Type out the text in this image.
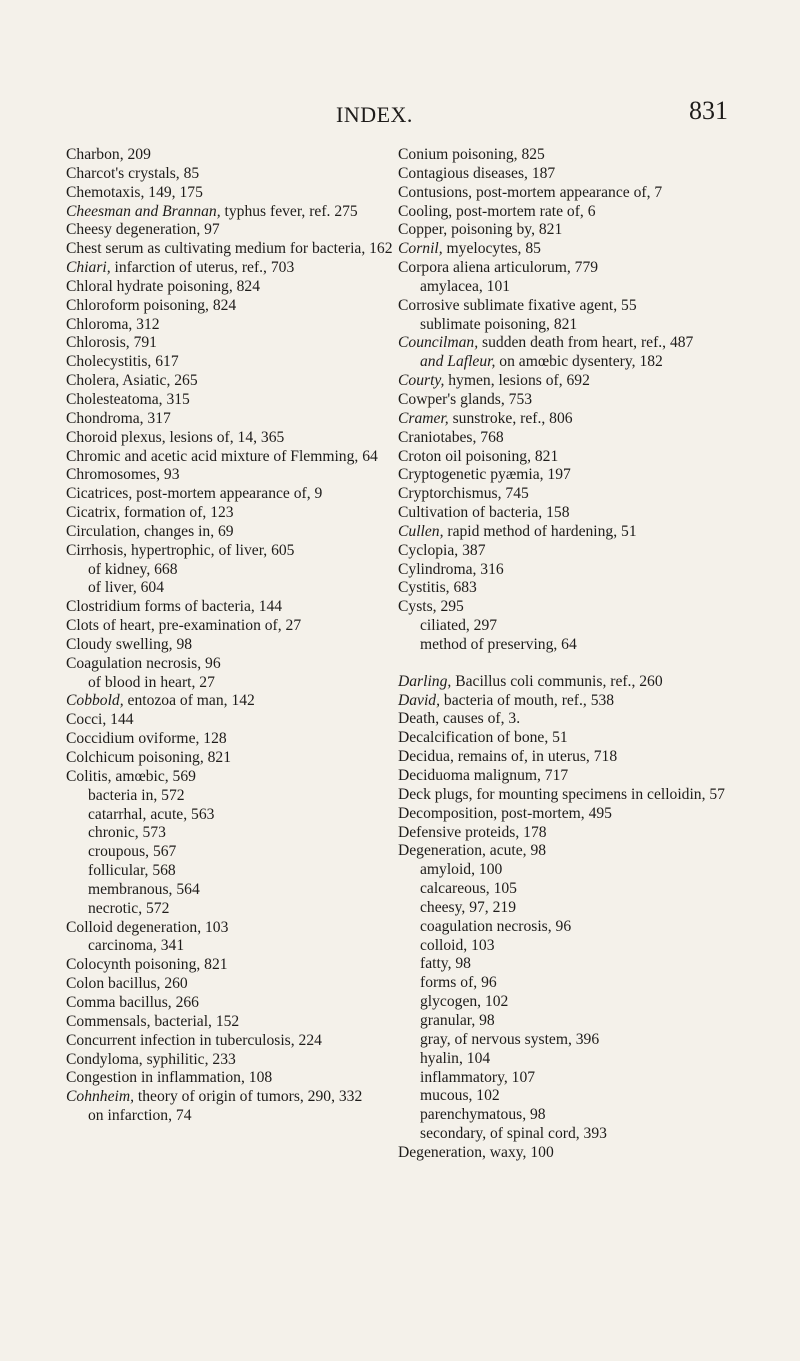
INDEX.	831
Charbon, 209
Charcot's crystals, 85
Chemotaxis, 149, 175
Cheesman and Brannan, typhus fever, ref. 275
Cheesy degeneration, 97
Chest serum as cultivating medium for bacteria, 162
Chiari, infarction of uterus, ref., 703
Chloral hydrate poisoning, 824
Chloroform poisoning, 824
Chloroma, 312
Chlorosis, 791
Cholecystitis, 617
Cholera, Asiatic, 265
Cholesteatoma, 315
Chondroma, 317
Choroid plexus, lesions of, 14, 365
Chromic and acetic acid mixture of Flemming, 64
Chromosomes, 93
Cicatrices, post-mortem appearance of, 9
Cicatrix, formation of, 123
Circulation, changes in, 69
Cirrhosis, hypertrophic, of liver, 605
of kidney, 668
of liver, 604
Clostridium forms of bacteria, 144
Clots of heart, pre-examination of, 27
Cloudy swelling, 98
Coagulation necrosis, 96
of blood in heart, 27
Cobbold, entozoa of man, 142
Cocci, 144
Coccidium oviforme, 128
Colchicum poisoning, 821
Colitis, amœbic, 569
bacteria in, 572
catarrhal, acute, 563
chronic, 573
croupous, 567
follicular, 568
membranous, 564
necrotic, 572
Colloid degeneration, 103
carcinoma, 341
Colocynth poisoning, 821
Colon bacillus, 260
Comma bacillus, 266
Commensals, bacterial, 152
Concurrent infection in tuberculosis, 224
Condyloma, syphilitic, 233
Congestion in inflammation, 108
Cohnheim, theory of origin of tumors, 290, 332
on infarction, 74
Conium poisoning, 825
Contagious diseases, 187
Contusions, post-mortem appearance of, 7
Cooling, post-mortem rate of, 6
Copper, poisoning by, 821
Cornil, myelocytes, 85
Corpora aliena articulorum, 779
amylacea, 101
Corrosive sublimate fixative agent, 55
sublimate poisoning, 821
Councilman, sudden death from heart, ref., 487
and Lafleur, on amœbic dysentery, 182
Courty, hymen, lesions of, 692
Cowper's glands, 753
Cramer, sunstroke, ref., 806
Craniotabes, 768
Croton oil poisoning, 821
Cryptogenetic pyæmia, 197
Cryptorchismus, 745
Cultivation of bacteria, 158
Cullen, rapid method of hardening, 51
Cyclopia, 387
Cylindroma, 316
Cystitis, 683
Cysts, 295
ciliated, 297
method of preserving, 64
Darling, Bacillus coli communis, ref., 260
David, bacteria of mouth, ref., 538
Death, causes of, 3.
Decalcification of bone, 51
Decidua, remains of, in uterus, 718
Deciduoma malignum, 717
Deck plugs, for mounting specimens in celloidin, 57
Decomposition, post-mortem, 495
Defensive proteids, 178
Degeneration, acute, 98
amyloid, 100
calcareous, 105
cheesy, 97, 219
coagulation necrosis, 96
colloid, 103
fatty, 98
forms of, 96
glycogen, 102
granular, 98
gray, of nervous system, 396
hyalin, 104
inflammatory, 107
mucous, 102
parenchymatous, 98
secondary, of spinal cord, 393
Degeneration, waxy, 100
